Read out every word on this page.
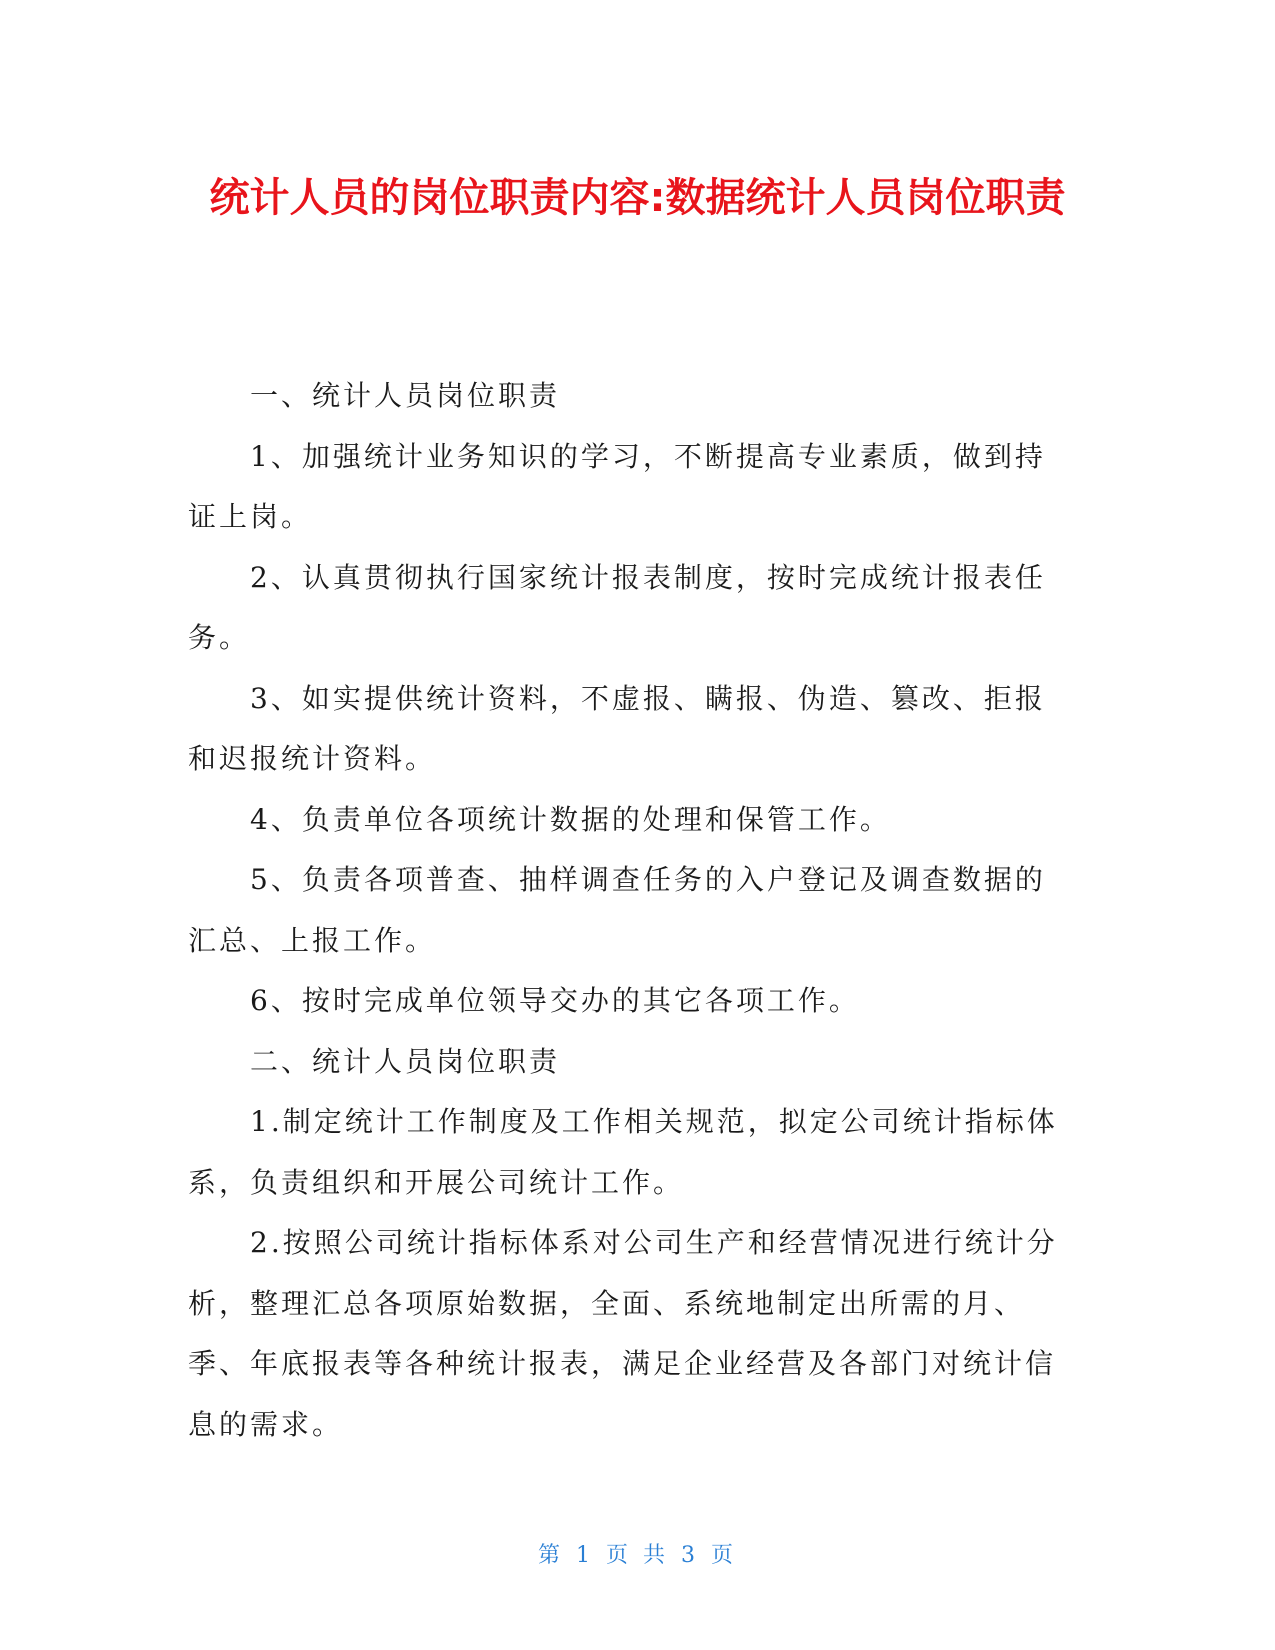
统计人员的岗位职责内容:数据统计人员岗位职责

一、统计人员岗位职责

1、加强统计业务知识的学习，不断提高专业素质，做到持证上岗。

2、认真贯彻执行国家统计报表制度，按时完成统计报表任务。

3、如实提供统计资料，不虚报、瞒报、伪造、篡改、拒报和迟报统计资料。

4、负责单位各项统计数据的处理和保管工作。

5、负责各项普查、抽样调查任务的入户登记及调查数据的汇总、上报工作。

6、按时完成单位领导交办的其它各项工作。

二、统计人员岗位职责

1.制定统计工作制度及工作相关规范，拟定公司统计指标体系，负责组织和开展公司统计工作。

2.按照公司统计指标体系对公司生产和经营情况进行统计分析，整理汇总各项原始数据，全面、系统地制定出所需的月、季、年底报表等各种统计报表，满足企业经营及各部门对统计信息的需求。

第 1 页 共 3 页
